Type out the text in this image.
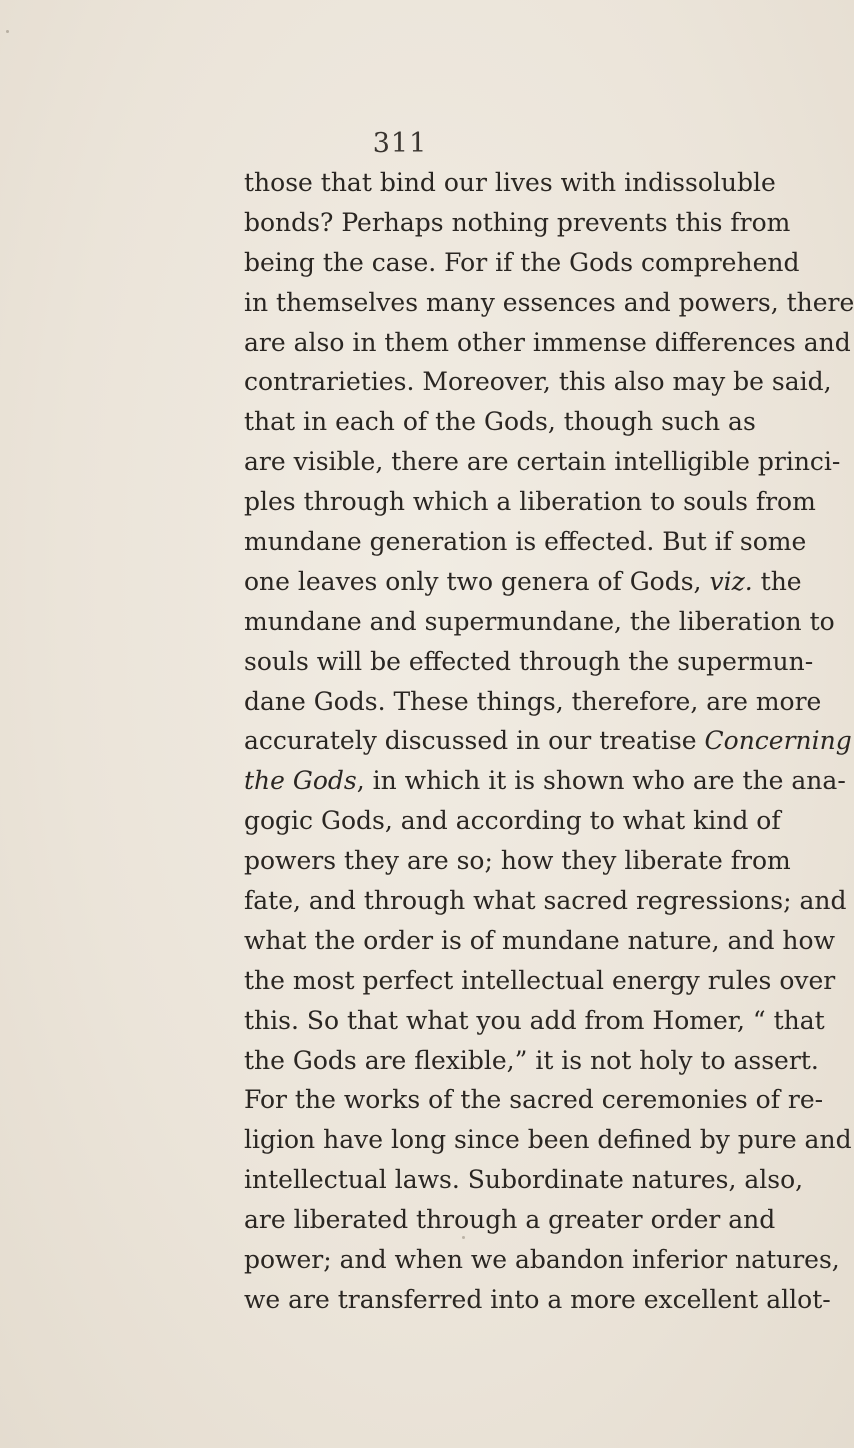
311
those that bind our lives with indissoluble
bonds? Perhaps nothing prevents this from
being the case. For if the Gods comprehend
in themselves many essences and powers, there
are also in them other immense differences and
contrarieties. Moreover, this also may be said,
that in each of the Gods, though such as
are visible, there are certain intelligible princi-
ples through which a liberation to souls from
mundane generation is effected. But if some
one leaves only two genera of Gods, viz. the
mundane and supermundane, the liberation to
souls will be effected through the supermun-
dane Gods. These things, therefore, are more
accurately discussed in our treatise Concerning
the Gods, in which it is shown who are the ana-
gogic Gods, and according to what kind of
powers they are so; how they liberate from
fate, and through what sacred regressions; and
what the order is of mundane nature, and how
the most perfect intellectual energy rules over
this. So that what you add from Homer, “ that
the Gods are flexible,” it is not holy to assert.
For the works of the sacred ceremonies of re-
ligion have long since been defined by pure and
intellectual laws. Subordinate natures, also,
are liberated through a greater order and
power; and when we abandon inferior natures,
we are transferred into a more excellent allot-
